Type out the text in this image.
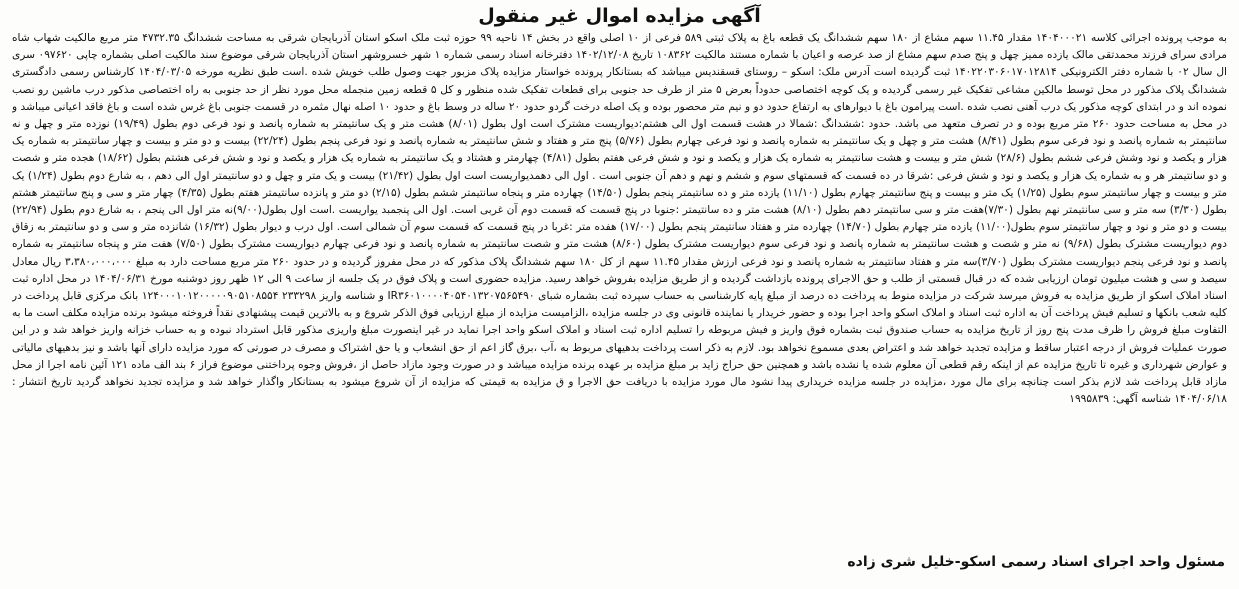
آگهی مزایده اموال غیر منقول
به موجب پرونده اجرائی کلاسه ۱۴۰۴۰۰۰۲۱ مقدار ۱۱.۴۵ سهم مشاع از ۱۸۰ سهم ششدانگ یک قطعه باغ به پلاک ثبتی ۵۸۹ فرعی از ۱۰ اصلی واقع در بخش ۱۴ ناحیه ۹۹ حوزه ثبت ملک اسکو استان آذربایجان شرقی به مساحت ششدانگ ۴۷۳۲.۳۵ متر مربع مالکیت شهاب شاه مرادی سرای فرزند محمدتقی مالک یازده ممیز چهل و پنج صدم سهم مشاع از صد عرصه و اعیان با شماره مستند مالکیت ۱۰۸۳۶۲ تاریخ ۱۴۰۲/۱۲/۰۸ دفترخانه اسناد رسمی شماره ۱ شهر خسروشهر استان آذربایجان شرقی موضوع سند مالکیت اصلی بشماره چاپی ۰۹۷۶۲۰ سری ال سال ۰۲ با شماره دفتر الکترونیکی ۱۴۰۲۲۰۳۰۶۰۱۷۰۱۲۸۱۴ ثبت گردیده است آدرس ملک: اسکو – روستای قسقندیس میباشد که بستانکار پرونده خواستار مزایده پلاک مزبور جهت وصول طلب خویش شده .است طبق نظریه مورخه ۱۴۰۴/۰۳/۰۵ کارشناس رسمی دادگستری ششدانگ پلاک مذکور در محل توسط مالکین مشاعی تفکیک غیر رسمی گردیده و یک کوچه اختصاصی حدوداً بعرض ۵ متر از طرف حد جنوبی برای قطعات تفکیک شده منظور و کل ۵ قطعه زمین منجمله محل مورد نظر از حد جنوبی به راه اختصاصی مذکور درب ماشین رو نصب نموده اند و در ابتدای کوچه مذکور یک درب آهنی نصب شده .است پیرامون باغ با دیوارهای به ارتفاع حدود دو و نیم متر محصور بوده و یک اصله درخت گردو حدود ۲۰ ساله در وسط باغ و حدود ۱۰ اصله نهال مثمره در قسمت جنوبی باغ غرس شده است و باغ فاقد اعیانی میباشد و در محل به مساحت حدود ۲۶۰ متر مربع بوده و در تصرف متعهد می باشد. حدود :ششدانگ :شمالا در هشت قسمت اول الی هشتم:دیواریست مشترک است اول بطول (۸/۰۱) هشت متر و یک سانتیمتر به شماره پانصد و نود فرعی دوم بطول (۱۹/۴۹) نوزده متر و چهل و نه سانتیمتر به شماره پانصد و نود فرعی سوم بطول (۸/۴۱) هشت متر و چهل و یک سانتیمتر به شماره پانصد و نود فرعی چهارم بطول (۵/۷۶) پنج متر و هفتاد و شش سانتیمتر به شماره پانصد و نود فرعی پنجم بطول (۲۲/۲۴) بیست و دو متر و بیست و چهار سانتیمتر به شماره یک هزار و یکصد و نود وشش فرعی ششم بطول (۲۸/۶) شش متر و بیست و هشت سانتیمتر به شماره یک هزار و یکصد و نود و شش فرعی هفتم بطول (۴/۸۱) چهارمتر و هشتاد و یک سانتیمتر به شماره یک هزار و یکصد و نود و شش فرعی هشتم بطول (۱۸/۶۲) هجده متر و شصت و دو سانتیمتر هر و به شماره یک هزار و یکصد و نود و شش فرعی :شرقا در ده قسمت که قسمتهای سوم و ششم و نهم و دهم آن جنوبی است . اول الی دهمدیواریست است اول بطول (۲۱/۴۲) بیست و یک متر و چهل و دو سانتیمتر اول الی دهم ، به شارع دوم بطول (۱/۲۴) یک متر و بیست و چهار سانتیمتر سوم بطول (۱/۲۵) یک متر و بیست و پنج سانتیمتر چهارم بطول (۱۱/۱۰) یازده متر و ده سانتیمتر پنجم بطول (۱۴/۵۰) چهارده متر و پنجاه سانتیمتر ششم بطول (۲/۱۵) دو متر و پانزده سانتیمتر هفتم بطول (۴/۳۵) چهار متر و سی و پنج سانتیمتر هشتم بطول (۳/۳۰) سه متر و سی سانتیمتر نهم بطول (۷/۳۰)هفت متر و سی سانتیمتر دهم بطول (۸/۱۰) هشت متر و ده سانتیمتر :جنوبا در پنج قسمت که قسمت دوم آن غربی است. اول الی پنجمبد یواریست .است اول بطول(۹/۰۰)نه متر اول الی پنجم ، به شارع دوم بطول (۲۲/۹۴) بیست و دو متر و نود و چهار سانتیمتر سوم بطول(۱۱/۰۰) یازده متر چهارم بطول (۱۴/۷۰) چهارده متر و هفتاد سانتیمتر پنجم بطول (۱۷/۰۰) هفده متر :غربا در پنج قسمت که قسمت سوم آن شمالی است. اول درب و دیوار بطول (۱۶/۳۲) شانزده متر و سی و دو سانتیمتر به زقاق دوم دیواریست مشترک بطول (۹/۶۸) نه متر و شصت و هشت سانتیمتر به شماره پانصد و نود فرعی سوم دیواریست مشترک بطول (۸/۶۰) هشت متر و شصت سانتیمتر به شماره پانصد و نود فرعی چهارم دیواریست مشترک بطول (۷/۵۰) هفت متر و پنجاه سانتیمتر به شماره پانصد و نود فرعی پنجم دیواریست مشترک بطول (۳/۷۰)سه متر و هفتاد سانتیمتر به شماره پانصد و نود فرعی ارزش مقدار ۱۱.۴۵ سهم از کل ۱۸۰ سهم ششدانگ پلاک مذکور که در محل مفروز گردیده و در حدود ۲۶۰ متر مربع مساحت دارد به مبلغ ۳،۳۸۰،۰۰۰،۰۰۰ ریال معادل سیصد و سی و هشت میلیون تومان ارزیابی شده که در قبال قسمتی از طلب و حق الاجرای پرونده بازداشت گردیده و از طریق مزایده بفروش خواهد رسید. مزایده حضوری است و پلاک فوق در یک جلسه از ساعت ۹ الی ۱۲ ظهر روز دوشنبه مورخ ۱۴۰۴/۰۶/۳۱ در محل اداره ثبت اسناد املاک اسکو از طریق مزایده به فروش میرسد شرکت در مزایده منوط به پرداخت ده درصد از مبلغ پایه کارشناسی به حساب سپرده ثبت بشماره شبای IR۳۶۰۱۰۰۰۰۴۰۵۴۰۱۳۲۰۷۵۶۵۴۹۰ و شناسه واریز ۲۳۳۲۹۸ ۱۲۴۰۰۰۱۰۱۲۰۰۰۰۰۹۰۵۱۰۸۵۵۴ بانک مرکزی قابل پرداخت در کلیه شعب بانکها و تسلیم فیش پرداخت آن به اداره ثبت اسناد و املاک اسکو واحد اجرا بوده و حضور خریدار یا نماینده قانونی وی در جلسه مزایده ،الزامیست مزایده از مبلغ ارزیابی فوق الذکر شروع و به بالاترین قیمت پیشنهادی نقداً فروخته میشود برنده مزایده مکلف است ما به التفاوت مبلغ فروش را ظرف مدت پنج روز از تاریخ مزایده به حساب صندوق ثبت بشماره فوق واریز و فیش مربوطه را تسلیم اداره ثبت اسناد و املاک اسکو واحد اجرا نماید در غیر اینصورت مبلغ واریزی مذکور قابل استرداد نبوده و به حساب خزانه واریز خواهد شد و در این صورت عملیات فروش از درجه اعتبار ساقط و مزایده تجدید خواهد شد و اعتراض بعدی مسموع نخواهد بود. لازم به ذکر است پرداخت بدهیهای مربوط به ،آب ،برق گاز اعم از حق انشعاب و یا حق اشتراک و مصرف در صورتی که مورد مزایده دارای آنها باشد و نیز بدهیهای مالیاتی و عوارض شهرداری و غیره تا تاریخ مزایده عم از اینکه رقم قطعی آن معلوم شده یا نشده باشد و همچنین حق حراج زاید بر مبلغ مزایده بر عهده برنده مزایده میباشد و در صورت وجود مازاد حاصل از ،فروش وجوه پرداختنی موضوع فراز ۶ بند الف ماده ۱۲۱ آئین نامه اجرا از محل مازاد قابل پرداخت شد لازم بذکر است چنانچه برای مال مورد ،مزایده در جلسه مزایده خریداری پیدا نشود مال مورد مزایده با دریافت حق الاجرا و ق مزایده به قیمتی که مزایده از آن شروع میشود به بستانکار واگذار خواهد شد و مزایده تجدید نخواهد گردید تاریخ انتشار : ۱۴۰۴/۰۶/۱۸ شناسه آگهی: ۱۹۹۵۸۳۹
مسئول واحد اجرای اسناد رسمی اسکو-خلیل شری زاده
